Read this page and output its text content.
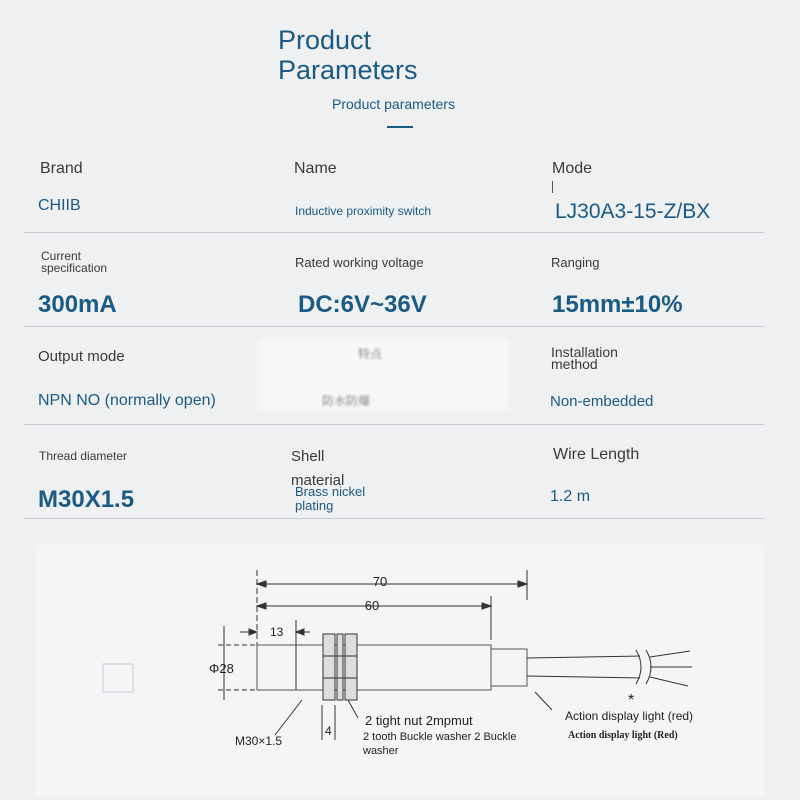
Product
Parameters
Product parameters
Brand
CHIIB
Name
Inductive proximity switch
Mode
LJ30A3-15-Z/BX
Current
specification
300mA
Rated working voltage
DC:6V~36V
Ranging
15mm±10%
Output mode
NPN NO (normally open)
特点
防水防爆
Installation
method
Non-embedded
Thread diameter
M30X1.5
Shell
material
Brass nickel
plating
Wire Length
1.2 m
70
60
13
Φ28
4
M30×1.5
2 tight nut 2mpmut
2 tooth Buckle washer 2 Buckle
washer
Action display light (red)
Action display light (Red)
*
